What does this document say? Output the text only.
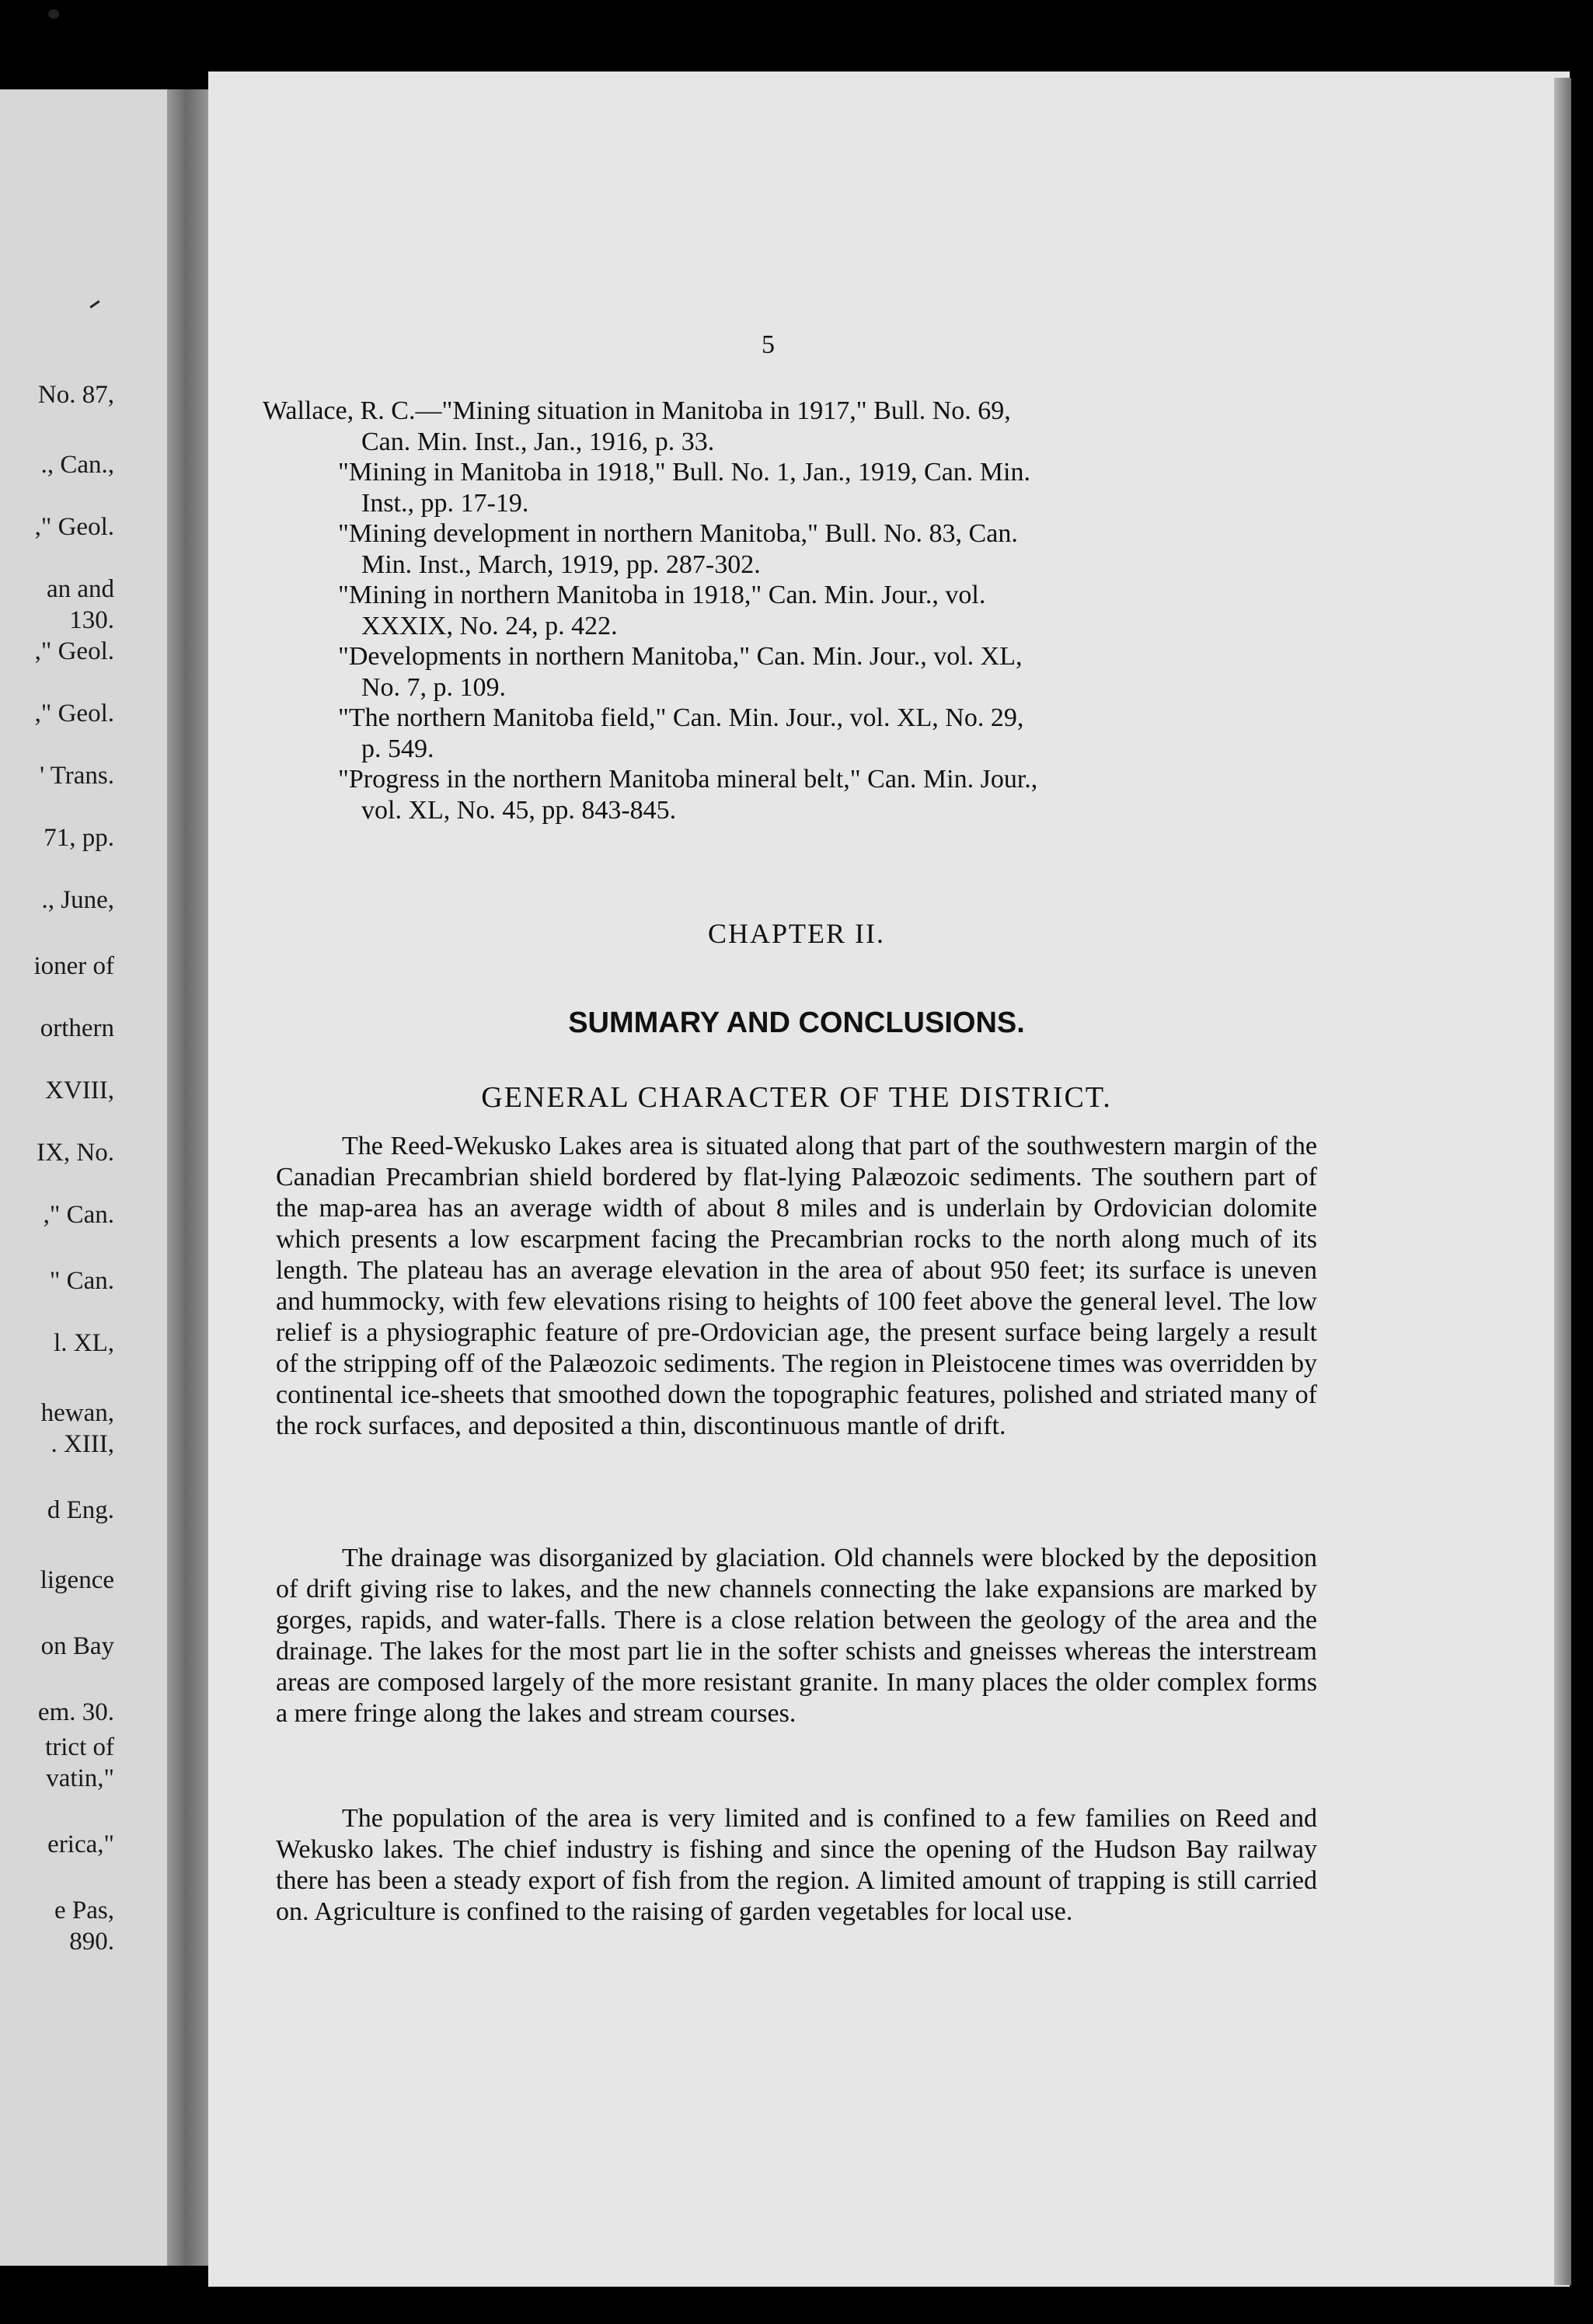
No. 87,
., Can.,
," Geol.
an and
130.
," Geol.
," Geol.
' Trans.
71, pp.
., June,
ioner of
orthern
XVIII,
IX, No.
," Can.
" Can.
l. XL,
hewan,
. XIII,
d Eng.
ligence
on Bay
em. 30.
trict of
vatin,"
erica,"
e Pas,
890.
5
Wallace, R. C.—"Mining situation in Manitoba in 1917," Bull. No. 69,
Can. Min. Inst., Jan., 1916, p. 33.
"Mining in Manitoba in 1918," Bull. No. 1, Jan., 1919, Can. Min.
Inst., pp. 17-19.
"Mining development in northern Manitoba," Bull. No. 83, Can.
Min. Inst., March, 1919, pp. 287-302.
"Mining in northern Manitoba in 1918," Can. Min. Jour., vol.
XXXIX, No. 24, p. 422.
"Developments in northern Manitoba," Can. Min. Jour., vol. XL,
No. 7, p. 109.
"The northern Manitoba field," Can. Min. Jour., vol. XL, No. 29,
p. 549.
"Progress in the northern Manitoba mineral belt," Can. Min. Jour.,
vol. XL, No. 45, pp. 843-845.
CHAPTER II.
SUMMARY AND CONCLUSIONS.
GENERAL CHARACTER OF THE DISTRICT.

The Reed-Wekusko Lakes area is situated along that part of the southwestern margin of the Canadian Precambrian shield bordered by flat-lying Palæozoic sediments. The southern part of the map-area has an average width of about 8 miles and is underlain by Ordovician dolomite which presents a low escarpment facing the Precambrian rocks to the north along much of its length. The plateau has an average elevation in the area of about 950 feet; its surface is uneven and hummocky, with few elevations rising to heights of 100 feet above the general level. The low relief is a physiographic feature of pre-Ordovician age, the present surface being largely a result of the stripping off of the Palæozoic sediments. The region in Pleistocene times was overridden by continental ice-sheets that smoothed down the topographic features, polished and striated many of the rock surfaces, and deposited a thin, discontinuous mantle of drift.

The drainage was disorganized by glaciation. Old channels were blocked by the deposition of drift giving rise to lakes, and the new channels connecting the lake expansions are marked by gorges, rapids, and water-falls. There is a close relation between the geology of the area and the drainage. The lakes for the most part lie in the softer schists and gneisses whereas the interstream areas are composed largely of the more resistant granite. In many places the older complex forms a mere fringe along the lakes and stream courses.

The population of the area is very limited and is confined to a few families on Reed and Wekusko lakes. The chief industry is fishing and since the opening of the Hudson Bay railway there has been a steady export of fish from the region. A limited amount of trapping is still carried on. Agriculture is confined to the raising of garden vegetables for local use.
